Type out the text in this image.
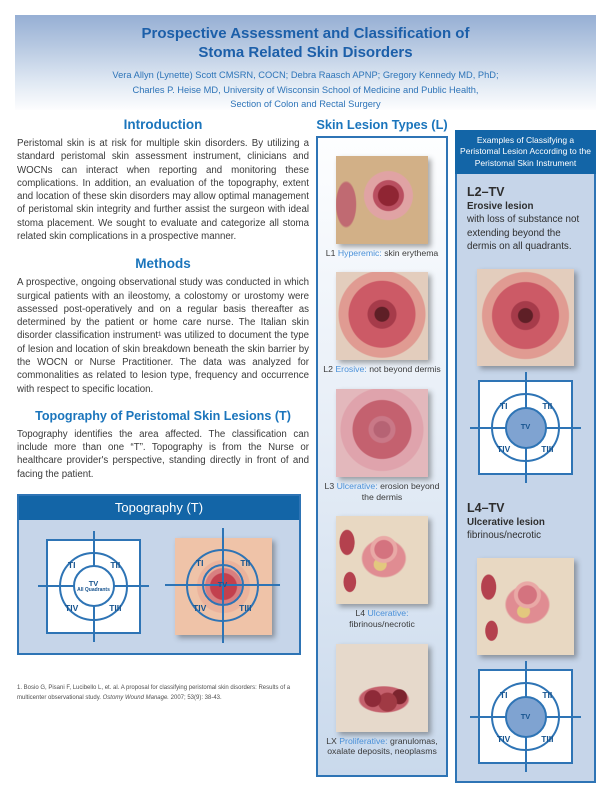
Prospective Assessment and Classification of
Stoma Related Skin Disorders
Vera Allyn (Lynette) Scott CMSRN, COCN; Debra Raasch APNP; Gregory Kennedy MD, PhD;
Charles P. Heise MD, University of Wisconsin School of Medicine and Public Health,
Section of Colon and Rectal Surgery
Introduction

Peristomal skin is at risk for multiple skin disorders. By utilizing a standard peristomal skin assessment instrument, clinicians and WOCNs can interact when reporting and monitoring these complications. In addition, an evaluation of the topography, extent and location of these skin disorders may allow optimal management of peristomal skin integrity and further assist the surgeon with ideal stoma placement. We sought to evaluate and categorize all stoma related skin complications in a prospective manner.

Methods

A prospective, ongoing observational study was conducted in which surgical patients with an ileostomy, a colostomy or urostomy were assessed post-operatively and on a regular basis thereafter as determined by the patient or home care nurse. The Italian skin disorder classification instrument¹ was utilized to document the type of lesion and location of skin breakdown beneath the skin barrier by the WOCN or Nurse Practitioner. The data was analyzed for commonalities as related to lesion type, frequency and occurrence with respect to specific location.

Topography of Peristomal Skin Lesions (T)

Topography identifies the area affected. The classification can include more than one “T”. Topography is from the Nurse or healthcare provider's perspective, standing directly in front of and facing the patient.

Topography (T)
TI	TII
TIV	TIII
TV
All Quadrants
TI	TII
TIV	TIII
TV

1. Bosio G, Pisani F, Lucibello L, et. al. A proposal for classifying peristomal skin disorders: Results of a multicenter observational study. Ostomy Wound Manage. 2007; 53(9): 38-43.

Skin Lesion Types (L)
L1 Hyperemic: skin erythema
L2 Erosive: not beyond dermis
L3 Ulcerative: erosion beyond the dermis
L4 Ulcerative: fibrinous/necrotic
LX Proliferative: granulomas, oxalate deposits, neoplasms
Examples of Classifying a Peristomal Lesion According to the Peristomal Skin Instrument
L2–TV
Erosive lesion
with loss of substance not extending beyond the dermis on all quadrants.
TI	TII
TIV	TIII
TV
L4–TV
Ulcerative lesion
fibrinous/necrotic
TI	TII
TIV	TIII
TV
